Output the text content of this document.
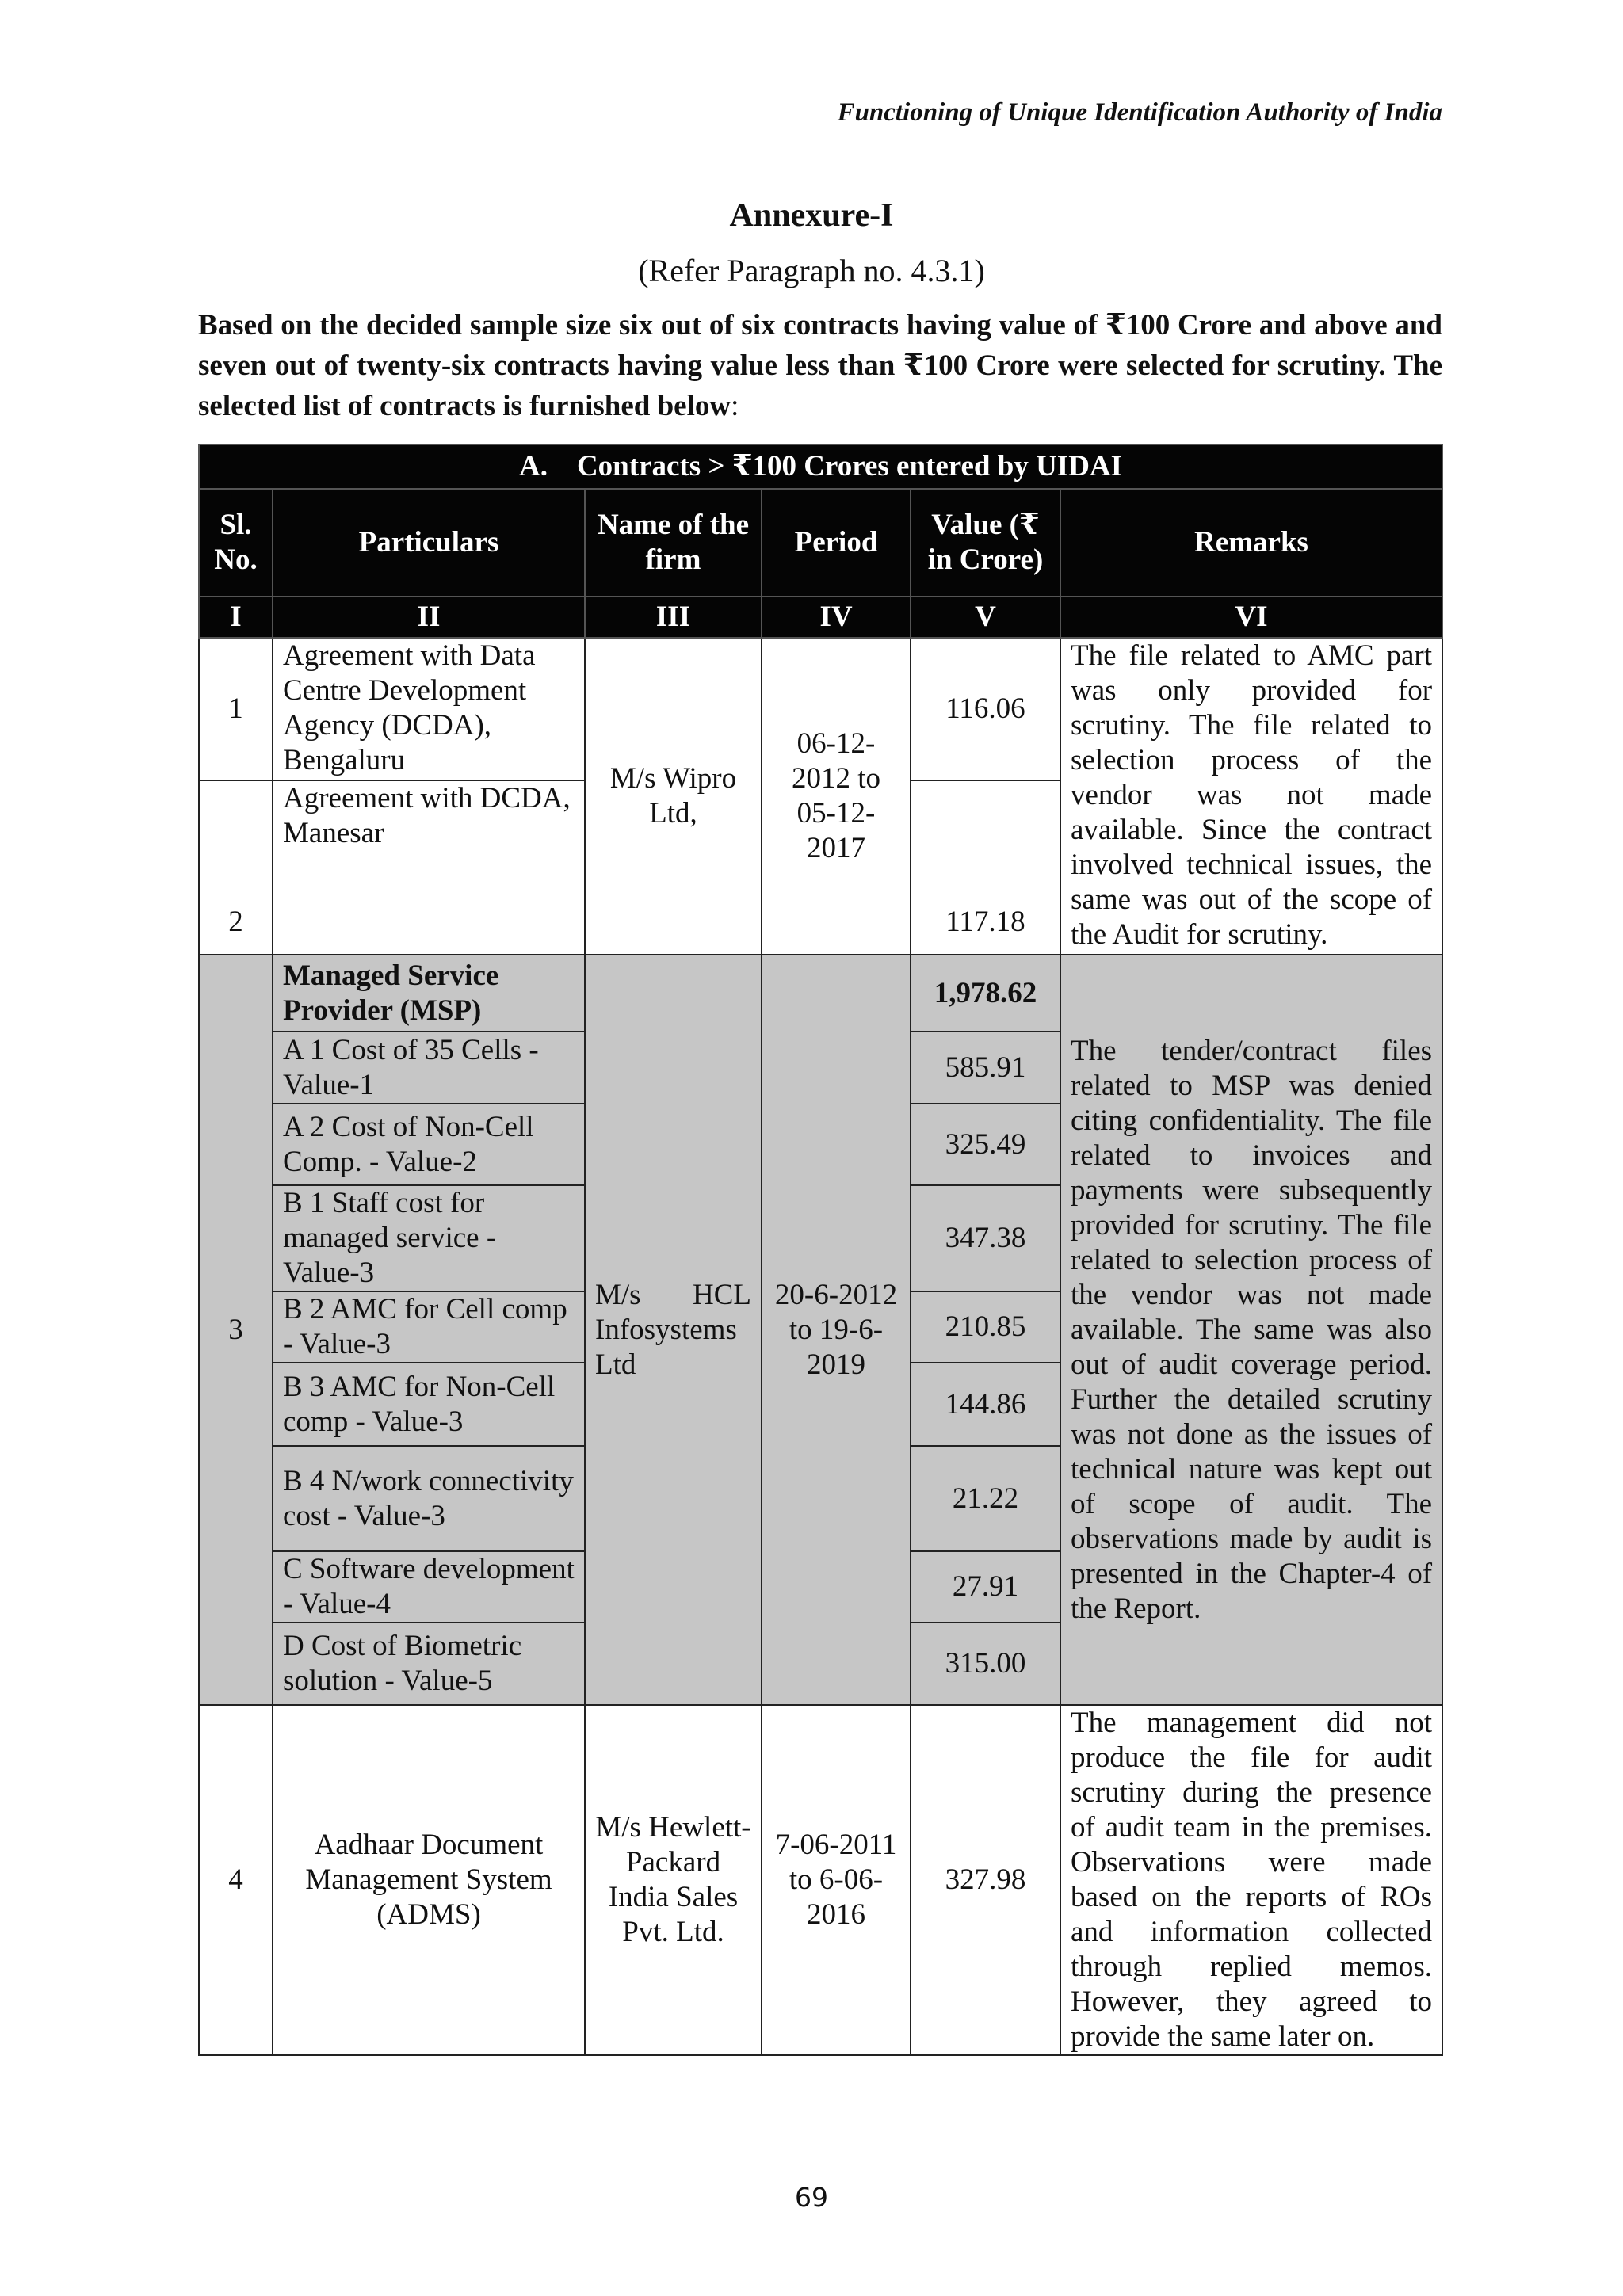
Functioning of Unique Identification Authority of India
Annexure-I
(Refer Paragraph no. 4.3.1)
Based on the decided sample size six out of six contracts having value of ₹100 Crore and above and seven out of twenty-six contracts having value less than ₹100 Crore were selected for scrutiny. The selected list of contracts is furnished below:
A.    Contracts > ₹100 Crores entered by UIDAI					
Sl. No.	Particulars	Name of the firm	Period	Value (₹ in Crore)	Remarks
I	II	III	IV	V	VI
1	Agreement with Data Centre Development Agency (DCDA), Bengaluru	M/s Wipro Ltd,	06-12-2012 to 05-12-2017	116.06	The file related to AMC part was only provided for scrutiny. The file related to selection process of the vendor was not made available. Since the contract involved technical issues, the same was out of the scope of the Audit for scrutiny.
2	Agreement with DCDA, Manesar			117.18	
3	Managed Service Provider (MSP)	M/s HCL Infosystems Ltd	20-6-2012 to 19-6-2019	1,978.62	The tender/contract files related to MSP was denied citing confidentiality. The file related to invoices and payments were subsequently provided for scrutiny. The file related to selection process of the vendor was not made available. The same was also out of audit coverage period. Further the detailed scrutiny was not done as the issues of technical nature was kept out of scope of audit. The observations made by audit is presented in the Chapter-4 of the Report.
	A 1 Cost of 35 Cells - Value-1			585.91	
	A 2 Cost of Non-Cell Comp. - Value-2			325.49	
	B 1 Staff cost for managed service - Value-3			347.38	
	B 2 AMC for Cell comp - Value-3			210.85	
	B 3 AMC for Non-Cell comp - Value-3			144.86	
	B 4 N/work connectivity cost - Value-3			21.22	
	C Software development - Value-4			27.91	
	D Cost of Biometric solution - Value-5			315.00	
4	Aadhaar Document Management System (ADMS)	M/s Hewlett-Packard India Sales Pvt. Ltd.	7-06-2011 to 6-06-2016	327.98	The management did not produce the file for audit scrutiny during the presence of audit team in the premises. Observations were made based on the reports of ROs and information collected through replied memos. However, they agreed to provide the same later on.
69
